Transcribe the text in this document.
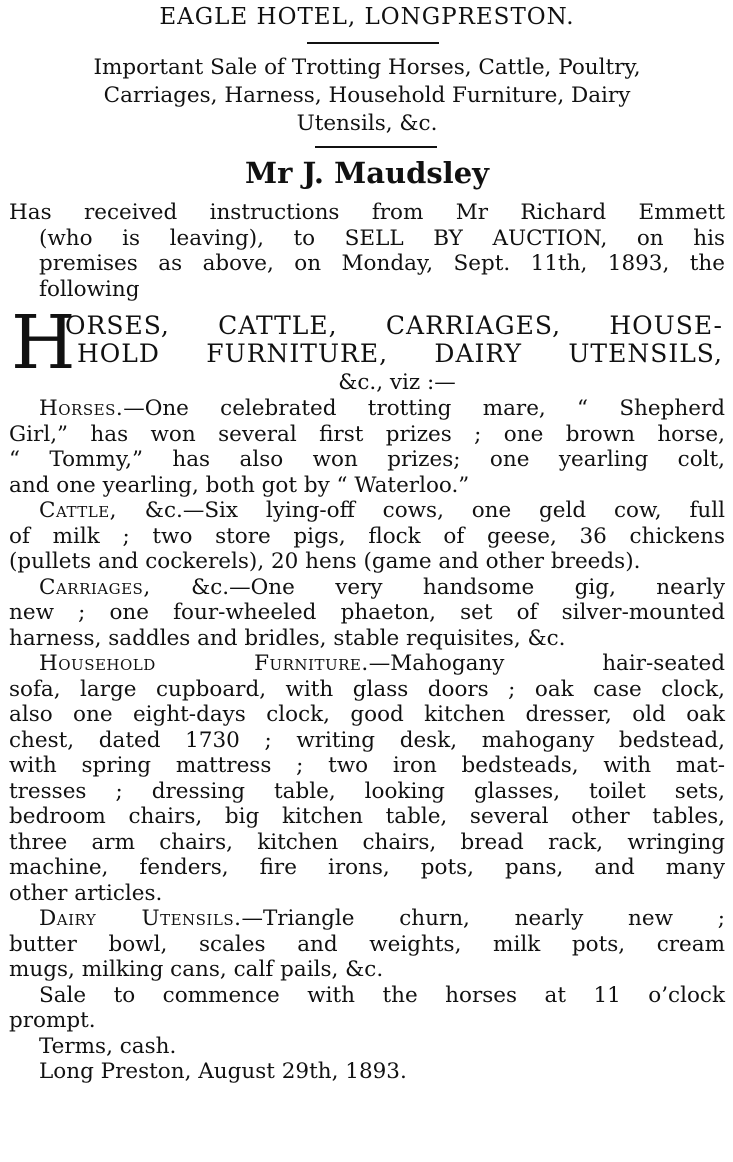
EAGLE HOTEL, LONGPRESTON.
Important Sale of Trotting Horses, Cattle, Poultry,
Carriages, Harness, Household Furniture, Dairy
Utensils, &c.
Mr J. Maudsley
Has received instructions from Mr Richard Emmett
(who is leaving), to SELL BY AUCTION, on his
premises as above, on Monday, Sept. 11th, 1893, the
following
H
ORSES, CATTLE, CARRIAGES, HOUSE-
HOLD FURNITURE, DAIRY UTENSILS,
&c., viz :—
Horses.—One celebrated trotting mare, “ Shepherd
Girl,” has won several first prizes ; one brown horse,
“ Tommy,” has also won prizes; one yearling colt,
and one yearling, both got by “ Waterloo.”
Cattle, &c.—Six lying-off cows, one geld cow, full
of milk ; two store pigs, flock of geese, 36 chickens
(pullets and cockerels), 20 hens (game and other breeds).
Carriages, &c.—One very handsome gig, nearly
new ; one four-wheeled phaeton, set of silver-mounted
harness, saddles and bridles, stable requisites, &c.
Household Furniture.—Mahogany hair-seated
sofa, large cupboard, with glass doors ; oak case clock,
also one eight-days clock, good kitchen dresser, old oak
chest, dated 1730 ; writing desk, mahogany bedstead,
with spring mattress ; two iron bedsteads, with mat-
tresses ; dressing table, looking glasses, toilet sets,
bedroom chairs, big kitchen table, several other tables,
three arm chairs, kitchen chairs, bread rack, wringing
machine, fenders, fire irons, pots, pans, and many
other articles.
Dairy Utensils.—Triangle churn, nearly new ;
butter bowl, scales and weights, milk pots, cream
mugs, milking cans, calf pails, &c.
Sale to commence with the horses at 11 o’clock
prompt.
Terms, cash.
Long Preston, August 29th, 1893.
